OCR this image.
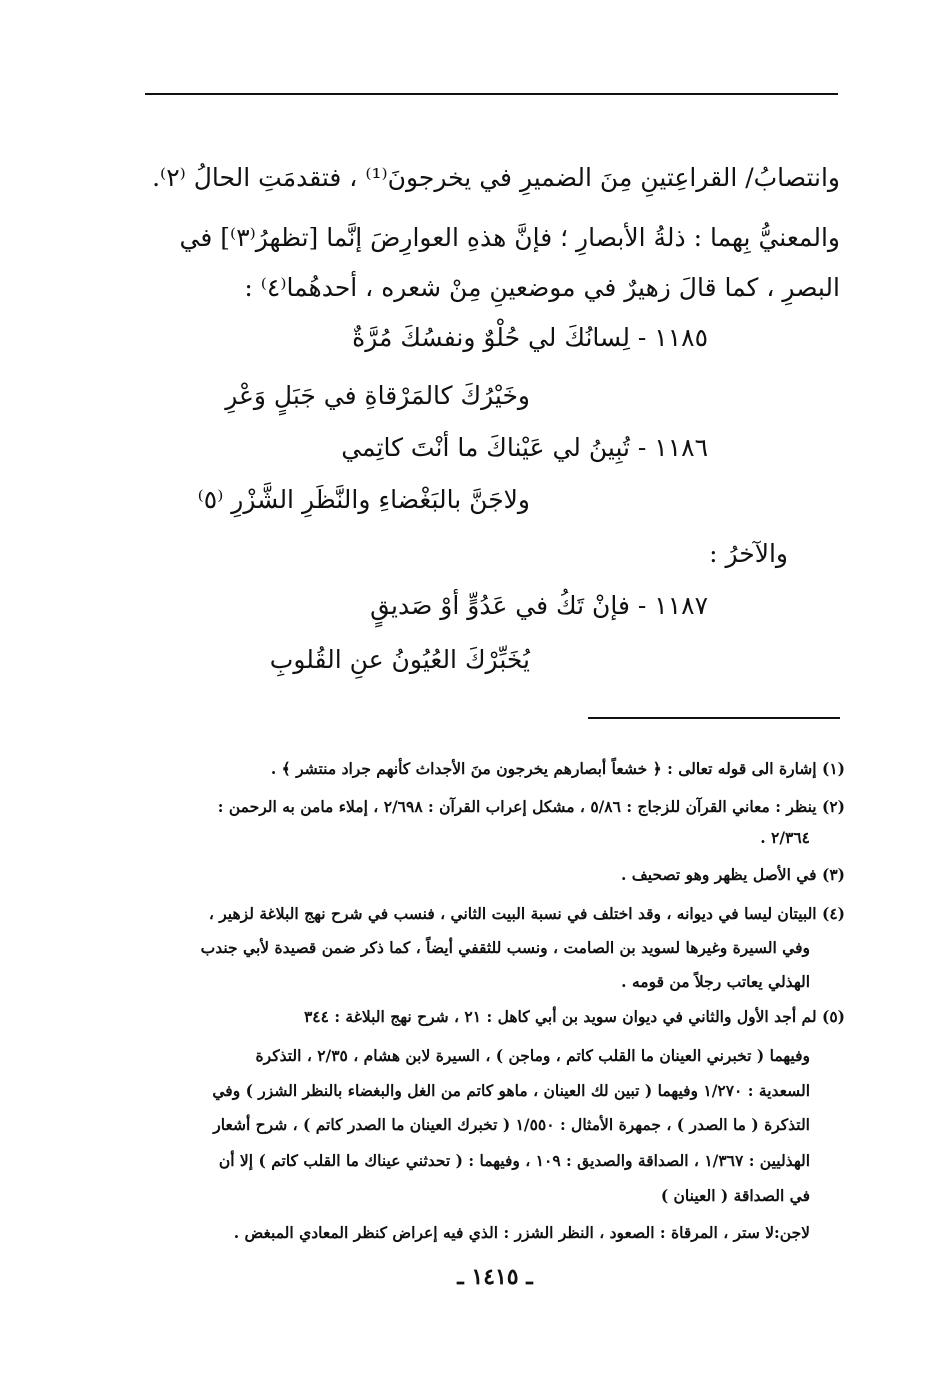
وانتصابُ/ القراعِتينِ مِنَ الضميرِ في يخرجونَ⁽¹⁾ ، فتقدمَتِ الحالُ ⁽٢⁾.
والمعنيُّ بِهما : ذلةُ الأبصارِ ؛ فإنَّ هذهِ العوارِضَ إنَّما [تظهرُ⁽٣⁾] في
البصرِ ، كما قالَ زهيرٌ في موضعينِ مِنْ شعره ، أحدهُما⁽٤⁾ :
١١٨٥ - لِسانُكَ لي حُلْوٌ ونفسُكَ مُرَّةٌ
وخَيْرُكَ كالمَرْقاةِ في جَبَلٍ وَعْرِ
١١٨٦ - تُبِينُ لي عَيْناكَ ما أنْتَ كاتِمي
ولاجَنَّ بالبَغْضاءِ والنَّظَرِ الشَّزْرِ ⁽٥⁾
والآخرُ :
١١٨٧ - فإنْ تَكُ في عَدُوٍّ أوْ صَديقٍ
يُخَبِّرْكَ العُيُونُ عنِ القُلوبِ
(١) إشارة الى قوله تعالى : ﴿ خشعاً أبصارهم يخرجون منَ الأجداث كأنهم جراد منتشر ﴾ .
(٢) ينظر : معاني القرآن للزجاج : ٥/٨٦ ، مشكل إعراب القرآن : ٢/٦٩٨ ، إملاء مامن به الرحمن :
٢/٣٦٤ .
(٣) في الأصل يظهر وهو تصحيف .
(٤) البيتان ليسا في ديوانه ، وقد اختلف في نسبة البيت الثاني ، فنسب في شرح نهج البلاغة لزهير ،
وفي السيرة وغيرها لسويد بن الصامت ، ونسب للثقفي أيضاً ، كما ذكر ضمن قصيدة لأبي جندب
الهذلي يعاتب رجلاً من قومه .
(٥) لم أجد الأول والثاني في ديوان سويد بن أبي كاهل : ٢١ ، شرح نهج البلاغة : ٣٤٤
وفيهما ( تخبرني العينان ما القلب كاتم ، وماجن ) ، السيرة لابن هشام ، ٢/٣٥ ، التذكرة
السعدية : ١/٢٧٠ وفيهما ( تبين لك العينان ، ماهو كاتم من الغل والبغضاء بالنظر الشزر ) وفي
التذكرة ( ما الصدر ) ، جمهرة الأمثال : ١/٥٥٠ ( تخبرك العينان ما الصدر كاتم ) ، شرح أشعار
الهذليين : ١/٣٦٧ ، الصداقة والصديق : ١٠٩ ، وفيهما : ( تحدثني عيناك ما القلب كاتم ) إلا أن
في الصداقة ( العينان )
لاجن:لا ستر ، المرقاة : الصعود ، النظر الشزر : الذي فيه إعراض كنظر المعادي المبغض .
ـ ١٤١٥ ـ
